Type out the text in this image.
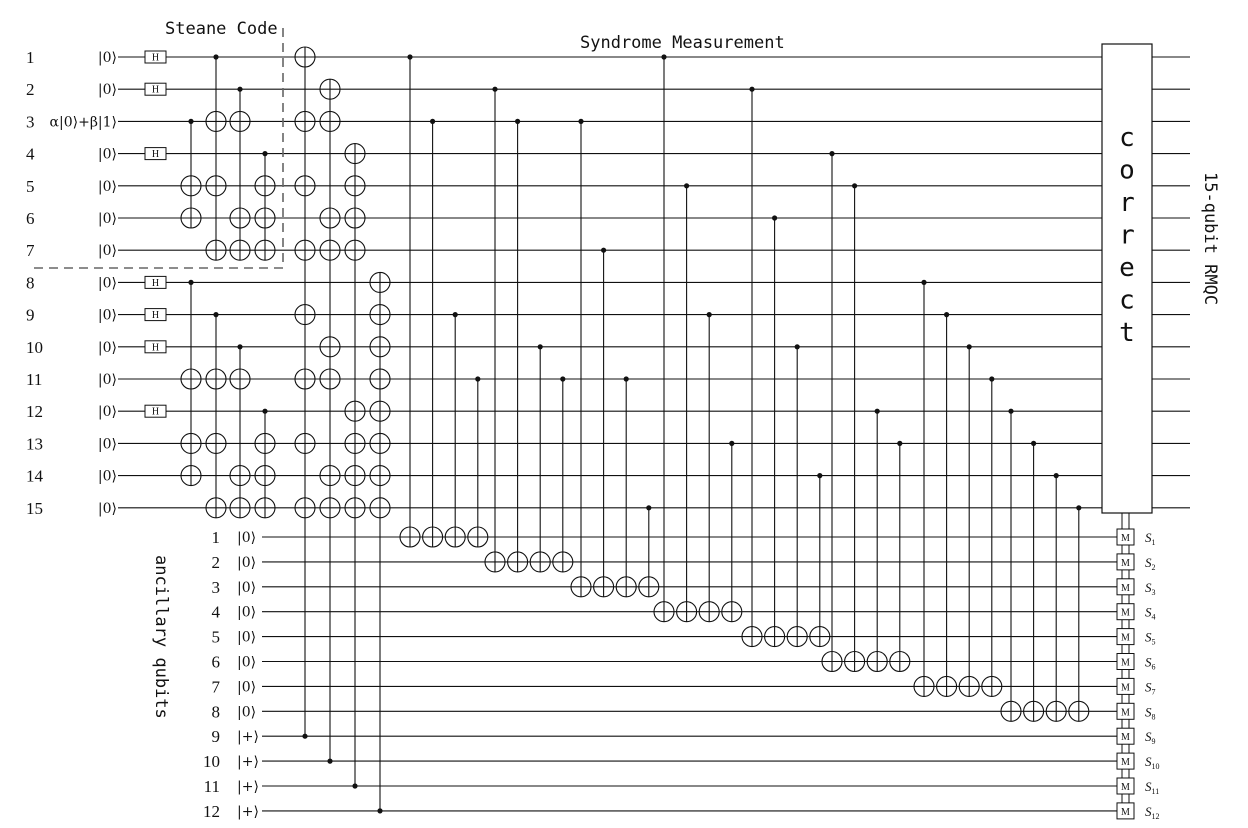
H
H
H
H
H
H
H
M
M
M
M
M
M
M
M
M
M
M
M
1	|0⟩
2	|0⟩
3 α|0⟩+β|1⟩
4	|0⟩
5	|0⟩
6	|0⟩
7	|0⟩
8	|0⟩
9	|0⟩
10	|0⟩
11	|0⟩
12	|0⟩
13	|0⟩
14	|0⟩
15	|0⟩
1 |0⟩	$S_1$
2 |0⟩	$S_2$
3 |0⟩	$S_3$
4 |0⟩	$S_4$
5 |0⟩	$S_5$
6 |0⟩	$S_6$
7 |0⟩	$S_7$
8 |0⟩	$S_8$
9 |+⟩	$S_9$
10 |+⟩	$S_{10}$
11 |+⟩	$S_{11}$
12 |+⟩	$S_{12}$
Steane Code
Syndrome Measurement
c
o
r
r
e
c
t
15-qubit RMQC
ancillary qubits
